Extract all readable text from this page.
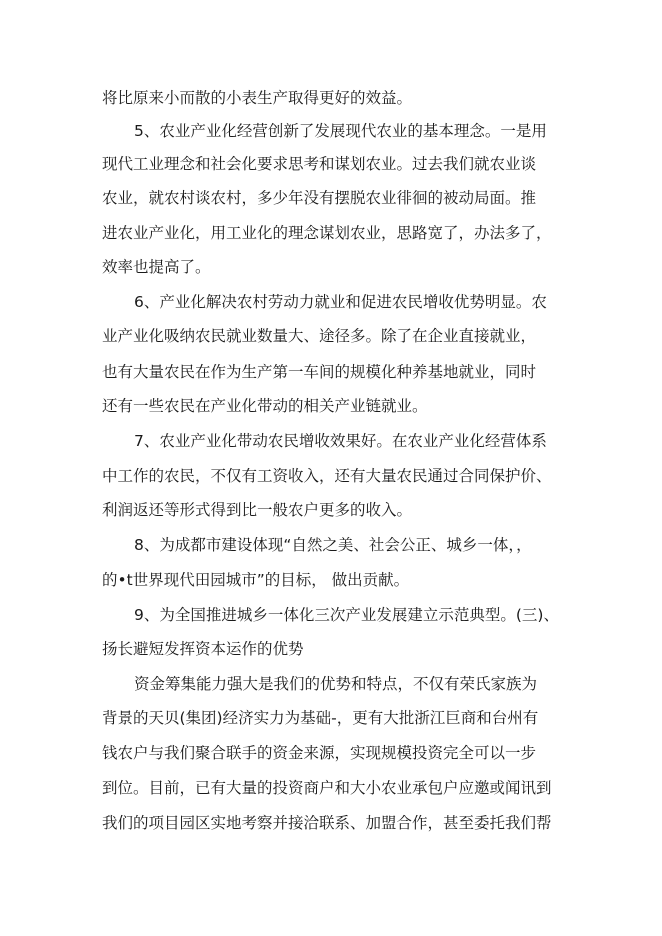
将比原来小而散的小表生产取得更好的效益。
5、农业产业化经营创新了发展现代农业的基本理念。一是用
现代工业理念和社会化要求思考和谋划农业。过去我们就农业谈
农业，就农村谈农村，多少年没有摆脱农业徘徊的被动局面。推
进农业产业化，用工业化的理念谋划农业，思路宽了，办法多了，
效率也提高了。
6、产业化解决农村劳动力就业和促进农民增收优势明显。农
业产业化吸纳农民就业数量大、途径多。除了在企业直接就业，
也有大量农民在作为生产第一车间的规模化种养基地就业，同时
还有一些农民在产业化带动的相关产业链就业。
7、农业产业化带动农民增收效果好。在农业产业化经营体系
中工作的农民，不仅有工资收入，还有大量农民通过合同保护价、
利润返还等形式得到比一般农户更多的收入。
8、为成都市建设体现“自然之美、社会公正、城乡一体，，
的•t世界现代田园城市”的目标， 做出贡献。
9、为全国推进城乡一体化三次产业发展建立示范典型。(三)、
扬长避短发挥资本运作的优势
资金筹集能力强大是我们的优势和特点，不仅有荣氏家族为
背景的天贝(集团)经济实力为基础-，更有大批浙江巨商和台州有
钱农户与我们聚合联手的资金来源，实现规模投资完全可以一步
到位。目前，已有大量的投资商户和大小农业承包户应邀或闻讯到
我们的项目园区实地考察并接洽联系、加盟合作，甚至委托我们帮
